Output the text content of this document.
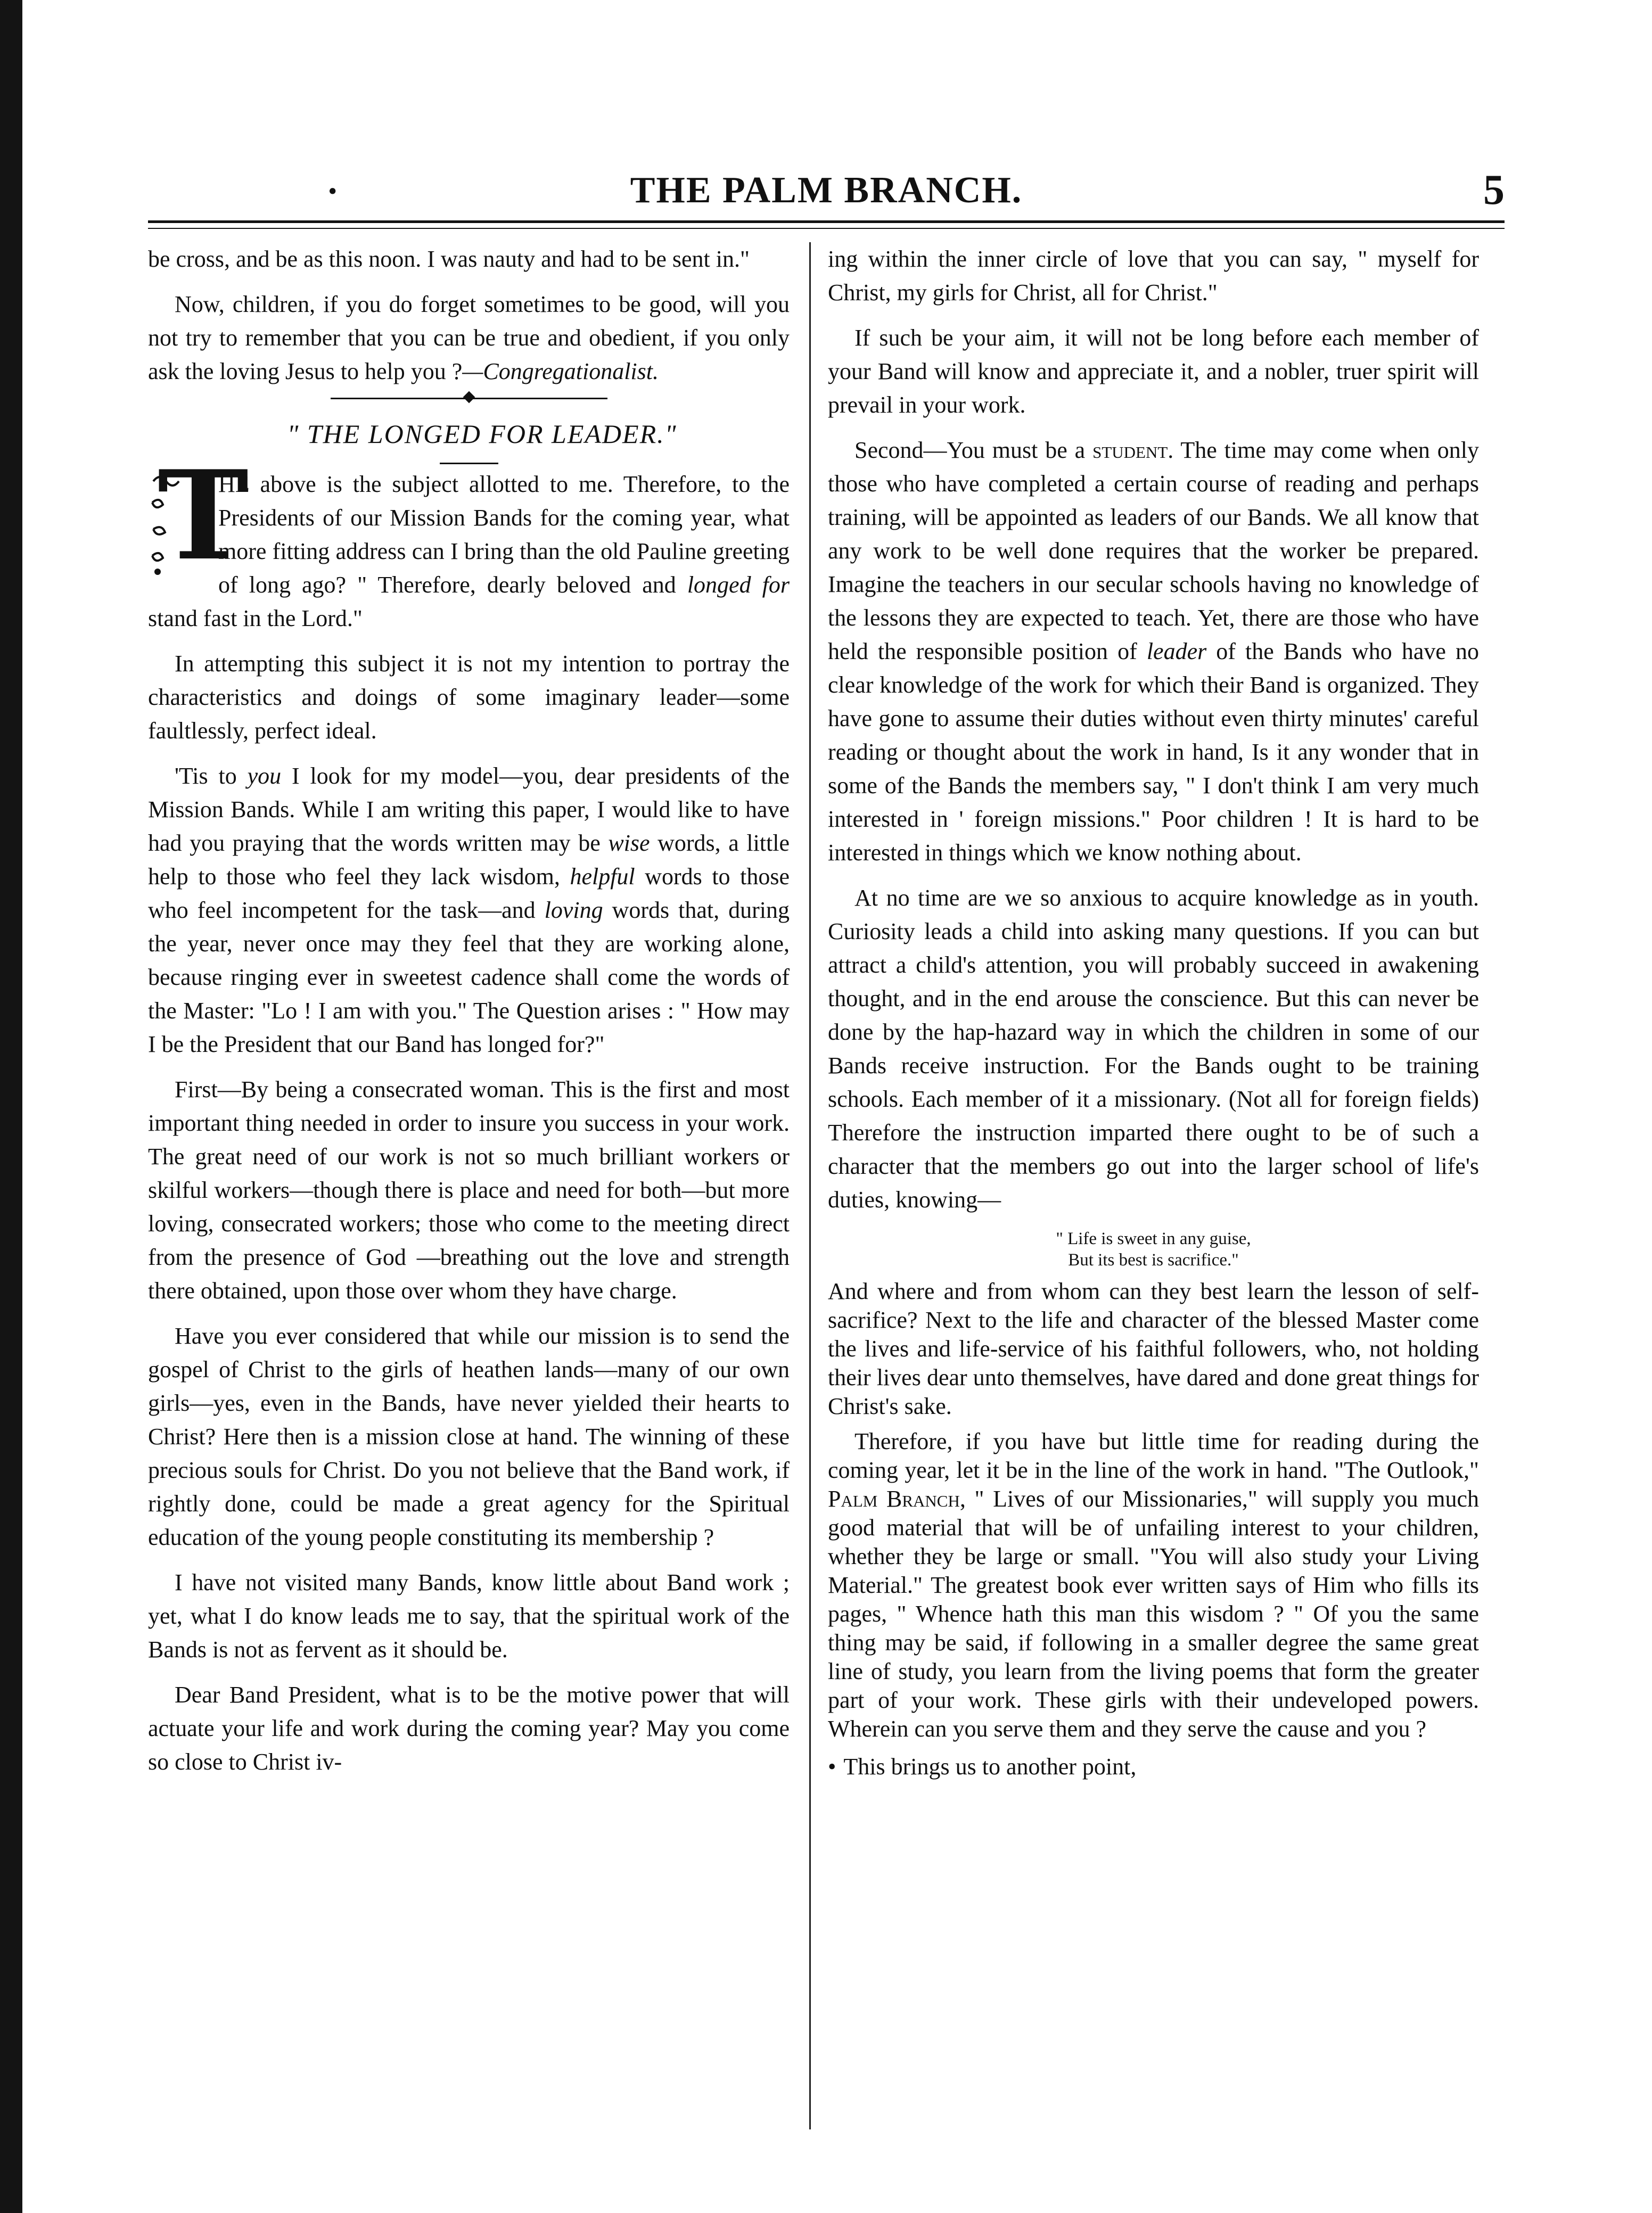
·	THE PALM BRANCH.	5

be cross, and be as this noon. I was nauty and had to be sent in."

Now, children, if you do forget sometimes to be good, will you not try to remember that you can be true and obedient, if you only ask the loving Jesus to help you ?—Congregationalist.

" THE LONGED FOR LEADER."

T
HE above is the subject allotted to me. Therefore, to the Presidents of our Mission Bands for the coming year, what more fitting address can I bring than the old Pauline greeting of long ago? " Therefore, dearly beloved and longed for stand fast in the Lord."

In attempting this subject it is not my intention to portray the characteristics and doings of some imaginary leader—some faultlessly, perfect ideal.

'Tis to you I look for my model—you, dear presidents of the Mission Bands. While I am writing this paper, I would like to have had you praying that the words written may be wise words, a little help to those who feel they lack wisdom, helpful words to those who feel incompetent for the task—and loving words that, during the year, never once may they feel that they are working alone, because ringing ever in sweetest cadence shall come the words of the Master: "Lo ! I am with you." The Question arises : " How may I be the President that our Band has longed for?"

First—By being a consecrated woman. This is the first and most important thing needed in order to insure you success in your work. The great need of our work is not so much brilliant workers or skilful workers—though there is place and need for both—but more loving, consecrated workers; those who come to the meeting direct from the presence of God —breathing out the love and strength there obtained, upon those over whom they have charge.

Have you ever considered that while our mission is to send the gospel of Christ to the girls of heathen lands—many of our own girls—yes, even in the Bands, have never yielded their hearts to Christ? Here then is a mission close at hand. The winning of these precious souls for Christ. Do you not believe that the Band work, if rightly done, could be made a great agency for the Spiritual education of the young people constituting its membership ?

I have not visited many Bands, know little about Band work ; yet, what I do know leads me to say, that the spiritual work of the Bands is not as fervent as it should be.

Dear Band President, what is to be the motive power that will actuate your life and work during the coming year? May you come so close to Christ iv-

ing within the inner circle of love that you can say, " myself for Christ, my girls for Christ, all for Christ."

If such be your aim, it will not be long before each member of your Band will know and appreciate it, and a nobler, truer spirit will prevail in your work.

Second—You must be a student. The time may come when only those who have completed a certain course of reading and perhaps training, will be appointed as leaders of our Bands. We all know that any work to be well done requires that the worker be prepared. Imagine the teachers in our secular schools having no knowledge of the lessons they are expected to teach. Yet, there are those who have held the responsible position of leader of the Bands who have no clear knowledge of the work for which their Band is organized. They have gone to assume their duties without even thirty minutes' careful reading or thought about the work in hand, Is it any wonder that in some of the Bands the members say, " I don't think I am very much interested in ' foreign missions." Poor children ! It is hard to be interested in things which we know nothing about.

At no time are we so anxious to acquire knowledge as in youth. Curiosity leads a child into asking many questions. If you can but attract a child's attention, you will probably succeed in awakening thought, and in the end arouse the conscience. But this can never be done by the hap-hazard way in which the children in some of our Bands receive instruction. For the Bands ought to be training schools. Each member of it a missionary. (Not all for foreign fields) Therefore the instruction imparted there ought to be of such a character that the members go out into the larger school of life's duties, knowing—

" Life is sweet in any guise,
But its best is sacrifice."

And where and from whom can they best learn the lesson of self-sacrifice? Next to the life and character of the blessed Master come the lives and life-service of his faithful followers, who, not holding their lives dear unto themselves, have dared and done great things for Christ's sake.

Therefore, if you have but little time for reading during the coming year, let it be in the line of the work in hand. "The Outlook," Palm Branch, " Lives of our Missionaries," will supply you much good material that will be of unfailing interest to your children, whether they be large or small. "You will also study your Living Material." The greatest book ever written says of Him who fills its pages, " Whence hath this man this wisdom ? " Of you the same thing may be said, if following in a smaller degree the same great line of study, you learn from the living poems that form the greater part of your work. These girls with their undeveloped powers. Wherein can you serve them and they serve the cause and you ?

• This brings us to another point,
